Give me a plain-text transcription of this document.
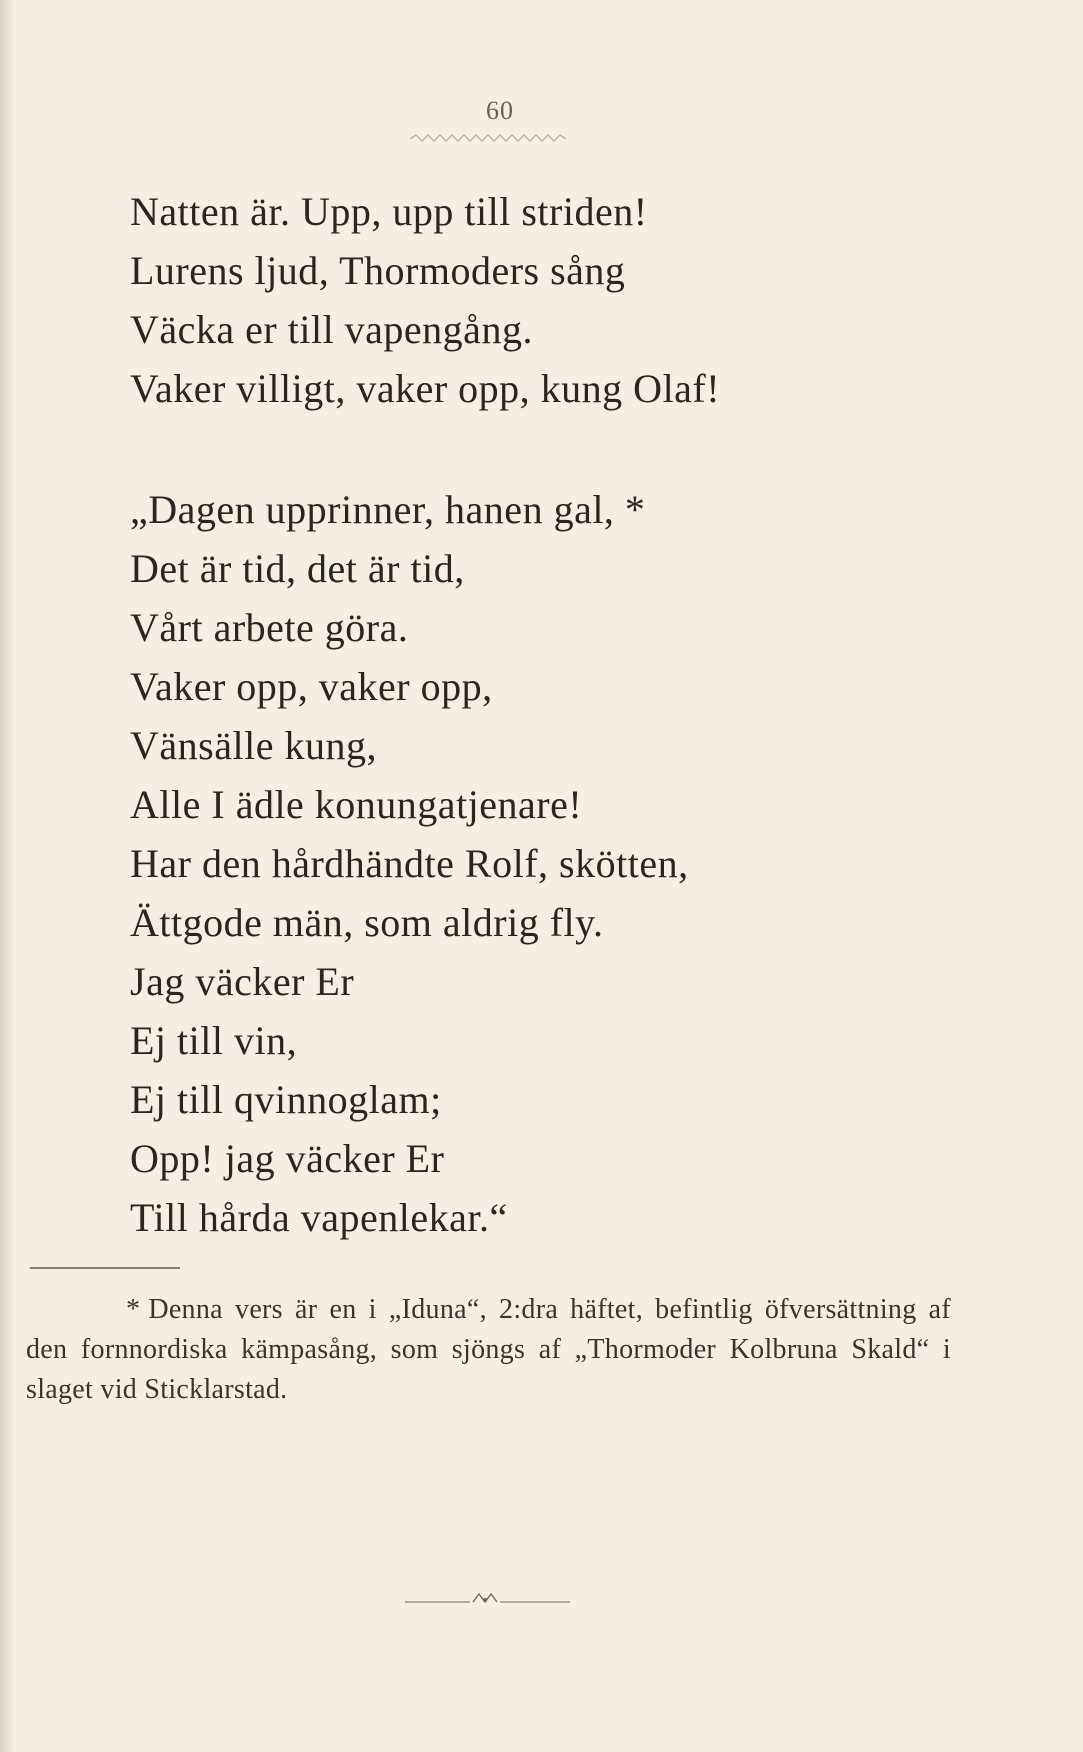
60
Natten är. Upp, upp till striden!
Lurens ljud, Thormoders sång
Väcka er till vapengång.
Vaker villigt, vaker opp, kung Olaf!
„Dagen upprinner, hanen gal, *
Det är tid, det är tid,
Vårt arbete göra.
Vaker opp, vaker opp,
Vänsälle kung,
Alle I ädle konungatjenare!
Har den hårdhändte Rolf, skötten,
Ättgode män, som aldrig fly.
Jag väcker Er
Ej till vin,
Ej till qvinnoglam;
Opp! jag väcker Er
Till hårda vapenlekar.“
* Denna vers är en i „Iduna“, 2:dra häftet, befintlig öfversättning af den fornnordiska kämpasång, som sjöngs af „Thormoder Kolbruna Skald“ i slaget vid Sticklarstad.
